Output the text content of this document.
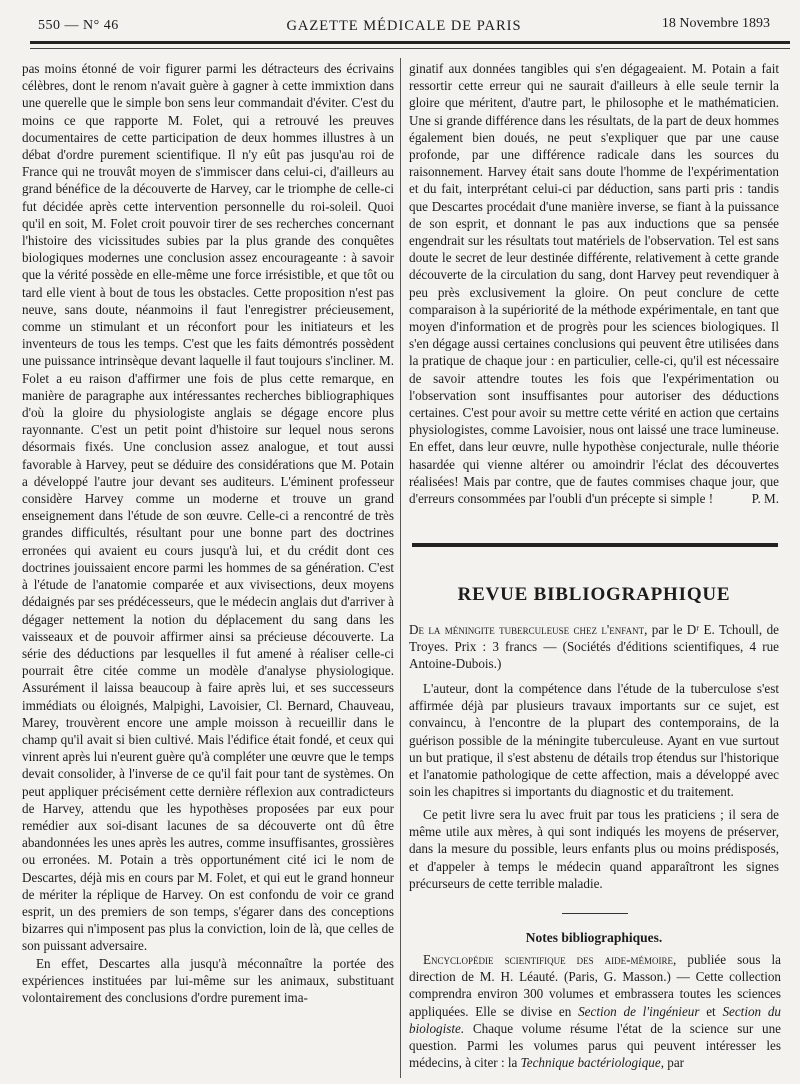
550 — N° 46	GAZETTE MÉDICALE DE PARIS	18 Novembre 1893

pas moins étonné de voir figurer parmi les détracteurs des écrivains célèbres, dont le renom n'avait guère à gagner à cette immixtion dans une querelle que le simple bon sens leur commandait d'éviter. C'est du moins ce que rapporte M. Folet, qui a retrouvé les preuves documentaires de cette participation de deux hommes illustres à un débat d'ordre purement scientifique. Il n'y eût pas jusqu'au roi de France qui ne trouvât moyen de s'immiscer dans celui-ci, d'ailleurs au grand bénéfice de la découverte de Harvey, car le triomphe de celle-ci fut décidée après cette intervention personnelle du roi-soleil. Quoi qu'il en soit, M. Folet croit pouvoir tirer de ses recherches concernant l'histoire des vicissitudes subies par la plus grande des conquêtes biologiques modernes une conclusion assez encourageante : à savoir que la vérité possède en elle-même une force irrésistible, et que tôt ou tard elle vient à bout de tous les obstacles. Cette proposition n'est pas neuve, sans doute, néanmoins il faut l'enregistrer précieusement, comme un stimulant et un réconfort pour les initiateurs et les inventeurs de tous les temps. C'est que les faits démontrés possèdent une puissance intrinsèque devant laquelle il faut toujours s'incliner. M. Folet a eu raison d'affirmer une fois de plus cette remarque, en manière de paragraphe aux intéressantes recherches bibliographiques d'où la gloire du physiologiste anglais se dégage encore plus rayonnante. C'est un petit point d'histoire sur lequel nous serons désormais fixés. Une conclusion assez analogue, et tout aussi favorable à Harvey, peut se déduire des considérations que M. Potain a développé l'autre jour devant ses auditeurs. L'éminent professeur considère Harvey comme un moderne et trouve un grand enseignement dans l'étude de son œuvre. Celle-ci a rencontré de très grandes difficultés, résultant pour une bonne part des doctrines erronées qui avaient eu cours jusqu'à lui, et du crédit dont ces doctrines jouissaient encore parmi les hommes de sa génération. C'est à l'étude de l'anatomie comparée et aux vivisections, deux moyens dédaignés par ses prédécesseurs, que le médecin anglais dut d'arriver à dégager nettement la notion du déplacement du sang dans les vaisseaux et de pouvoir affirmer ainsi sa précieuse découverte. La série des déductions par lesquelles il fut amené à réaliser celle-ci pourrait être citée comme un modèle d'analyse physiologique. Assurément il laissa beaucoup à faire après lui, et ses successeurs immédiats ou éloignés, Malpighi, Lavoisier, Cl. Bernard, Chauveau, Marey, trouvèrent encore une ample moisson à recueillir dans le champ qu'il avait si bien cultivé. Mais l'édifice était fondé, et ceux qui vinrent après lui n'eurent guère qu'à compléter une œuvre que le temps devait consolider, à l'inverse de ce qu'il fait pour tant de systèmes. On peut appliquer précisément cette dernière réflexion aux contradicteurs de Harvey, attendu que les hypothèses proposées par eux pour remédier aux soi-disant lacunes de sa découverte ont dû être abandonnées les unes après les autres, comme insuffisantes, grossières ou erronées. M. Potain a très opportunément cité ici le nom de Descartes, déjà mis en cours par M. Folet, et qui eut le grand honneur de mériter la réplique de Harvey. On est confondu de voir ce grand esprit, un des premiers de son temps, s'égarer dans des conceptions bizarres qui n'imposent pas plus la conviction, loin de là, que celles de son puissant adversaire.

En effet, Descartes alla jusqu'à méconnaître la portée des expériences instituées par lui-même sur les animaux, substituant volontairement des conclusions d'ordre purement ima-

ginatif aux données tangibles qui s'en dégageaient. M. Potain a fait ressortir cette erreur qui ne saurait d'ailleurs à elle seule ternir la gloire que méritent, d'autre part, le philosophe et le mathématicien. Une si grande différence dans les résultats, de la part de deux hommes également bien doués, ne peut s'expliquer que par une cause profonde, par une différence radicale dans les sources du raisonnement. Harvey était sans doute l'homme de l'expérimentation et du fait, interprétant celui-ci par déduction, sans parti pris : tandis que Descartes procédait d'une manière inverse, se fiant à la puissance de son esprit, et donnant le pas aux inductions que sa pensée engendrait sur les résultats tout matériels de l'observation. Tel est sans doute le secret de leur destinée différente, relativement à cette grande découverte de la circulation du sang, dont Harvey peut revendiquer à peu près exclusivement la gloire. On peut conclure de cette comparaison à la supériorité de la méthode expérimentale, en tant que moyen d'information et de progrès pour les sciences biologiques. Il s'en dégage aussi certaines conclusions qui peuvent être utilisées dans la pratique de chaque jour : en particulier, celle-ci, qu'il est nécessaire de savoir attendre toutes les fois que l'expérimentation ou l'observation sont insuffisantes pour autoriser des déductions certaines. C'est pour avoir su mettre cette vérité en action que certains physiologistes, comme Lavoisier, nous ont laissé une trace lumineuse. En effet, dans leur œuvre, nulle hypothèse conjecturale, nulle théorie hasardée qui vienne altérer ou amoindrir l'éclat des découvertes réalisées! Mais par contre, que de fautes commises chaque jour, que d'erreurs consommées par l'oubli d'un précepte si simple !	P. M.

REVUE BIBLIOGRAPHIQUE
De la méningite tuberculeuse chez l'enfant, par le Dʳ E. Tchoull, de Troyes. Prix : 3 francs — (Sociétés d'éditions scientifiques, 4 rue Antoine-Dubois.)

L'auteur, dont la compétence dans l'étude de la tuberculose s'est affirmée déjà par plusieurs travaux importants sur ce sujet, est convaincu, à l'encontre de la plupart des contemporains, de la guérison possible de la méningite tuberculeuse. Ayant en vue surtout un but pratique, il s'est abstenu de détails trop étendus sur l'historique et l'anatomie pathologique de cette affection, mais a développé avec soin les chapitres si importants du diagnostic et du traitement.

Ce petit livre sera lu avec fruit par tous les praticiens ; il sera de même utile aux mères, à qui sont indiqués les moyens de préserver, dans la mesure du possible, leurs enfants plus ou moins prédisposés, et d'appeler à temps le médecin quand apparaîtront les signes précurseurs de cette terrible maladie.

Notes bibliographiques.

Encyclopédie scientifique des aide-mémoire, publiée sous la direction de M. H. Léauté. (Paris, G. Masson.) — Cette collection comprendra environ 300 volumes et embrassera toutes les sciences appliquées. Elle se divise en Section de l'ingénieur et Section du biologiste. Chaque volume résume l'état de la science sur une question. Parmi les volumes parus qui peuvent intéresser les médecins, à citer : la Technique bactériologique, par
